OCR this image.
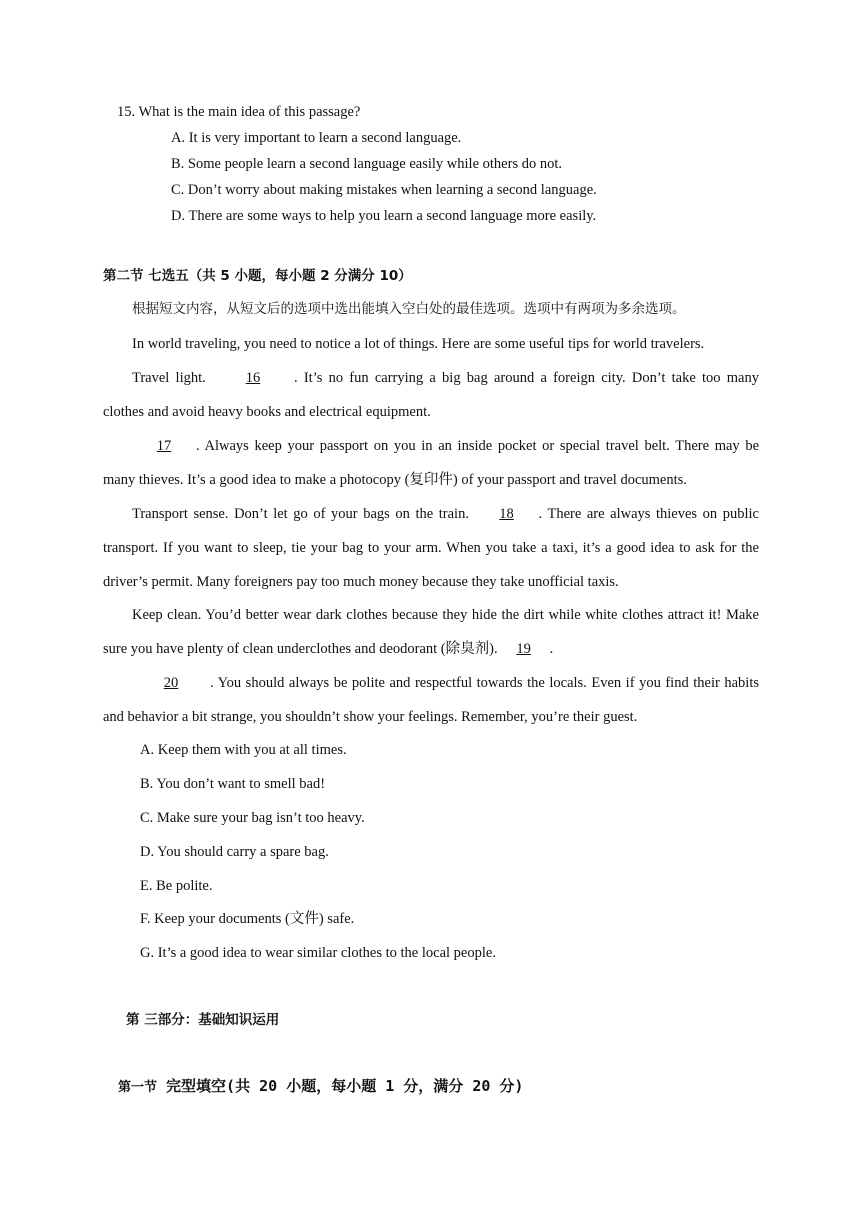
15. What is the main idea of this passage?
A. It is very important to learn a second language.
B. Some people learn a second language easily while others do not.
C. Don’t worry about making mistakes when learning a second language.
D. There are some ways to help you learn a second language more easily.
第二节 七选五（共 5 小题，每小题 2 分满分 10）
根据短文内容，从短文后的选项中选出能填入空白处的最佳选项。选项中有两项为多余选项。
In world traveling, you need to notice a lot of things. Here are some useful tips for world travelers.
Travel light. 16 . It’s no fun carrying a big bag around a foreign city. Don’t take too many clothes and avoid heavy books and electrical equipment.
17 . Always keep your passport on you in an inside pocket or special travel belt. There may be many thieves. It’s a good idea to make a photocopy (复印件) of your passport and travel documents.
Transport sense. Don’t let go of your bags on the train. 18 . There are always thieves on public transport. If you want to sleep, tie your bag to your arm. When you take a taxi, it’s a good idea to ask for the driver’s permit. Many foreigners pay too much money because they take unofficial taxis.
Keep clean. You’d better wear dark clothes because they hide the dirt while white clothes attract it! Make sure you have plenty of clean underclothes and deodorant (除臭剂). 19 .
20 . You should always be polite and respectful towards the locals. Even if you find their habits and behavior a bit strange, you shouldn’t show your feelings. Remember, you’re their guest.
A. Keep them with you at all times.
B. You don’t want to smell bad!
C. Make sure your bag isn’t too heavy.
D. You should carry a spare bag.
E. Be polite.
F. Keep your documents (文件) safe.
G. It’s a good idea to wear similar clothes to the local people.
第 三部分：基础知识运用
第一节 完型填空(共 20 小题，每小题 1 分，满分 20 分)
